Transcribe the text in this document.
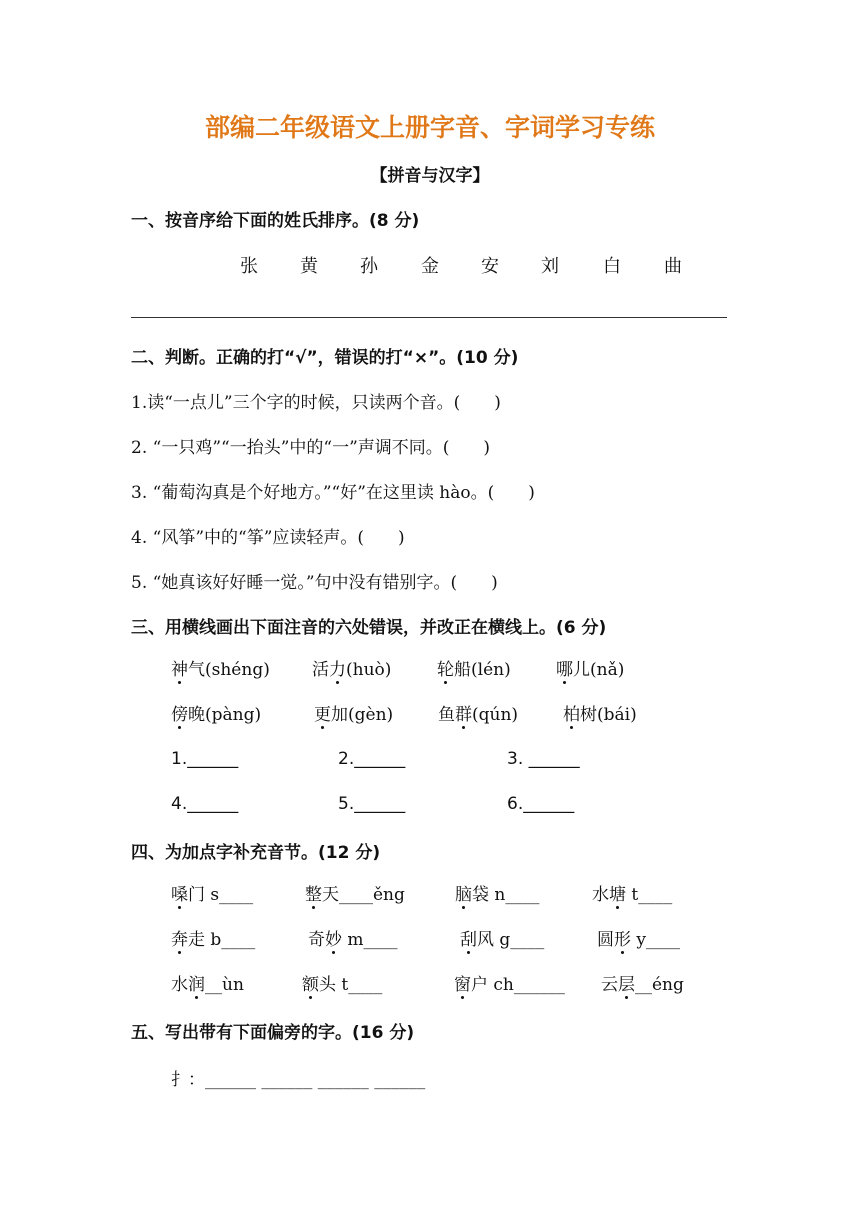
部编二年级语文上册字音、字词学习专练
【拼音与汉字】
一、按音序给下面的姓氏排序。(8 分)
张 黄 孙 金 安 刘 白 曲
二、判断。正确的打“√”，错误的打“×”。(10 分)
1.读“一点儿”三个字的时候，只读两个音。(　　)
2. “一只鸡”“一抬头”中的“一”声调不同。(　　)
3. “葡萄沟真是个好地方。”“好”在这里读 hào。(　　)
4. “风筝”中的“筝”应读轻声。(　　)
5. “她真该好好睡一觉。”句中没有错别字。(　　)
三、用横线画出下面注音的六处错误，并改正在横线上。(6 分)
神气(shéng) 活力(huò)	轮船(lén)	哪儿(nǎ)
傍晚(pàng)	更加(gèn)	鱼群(qún)	柏树(bái)
1.______	2.______	3. ______
4.______	5.______	6.______
四、为加点字补充音节。(12 分)
嗓门 s____	整天____ěng	脑袋 n____	水塘 t____
奔走 b____	奇妙 m____	刮风 g____	圆形 y____
水润__ùn	额头 t____	窗户 ch______ 云层__éng
五、写出带有下面偏旁的字。(16 分)
扌：______ ______ ______ ______
